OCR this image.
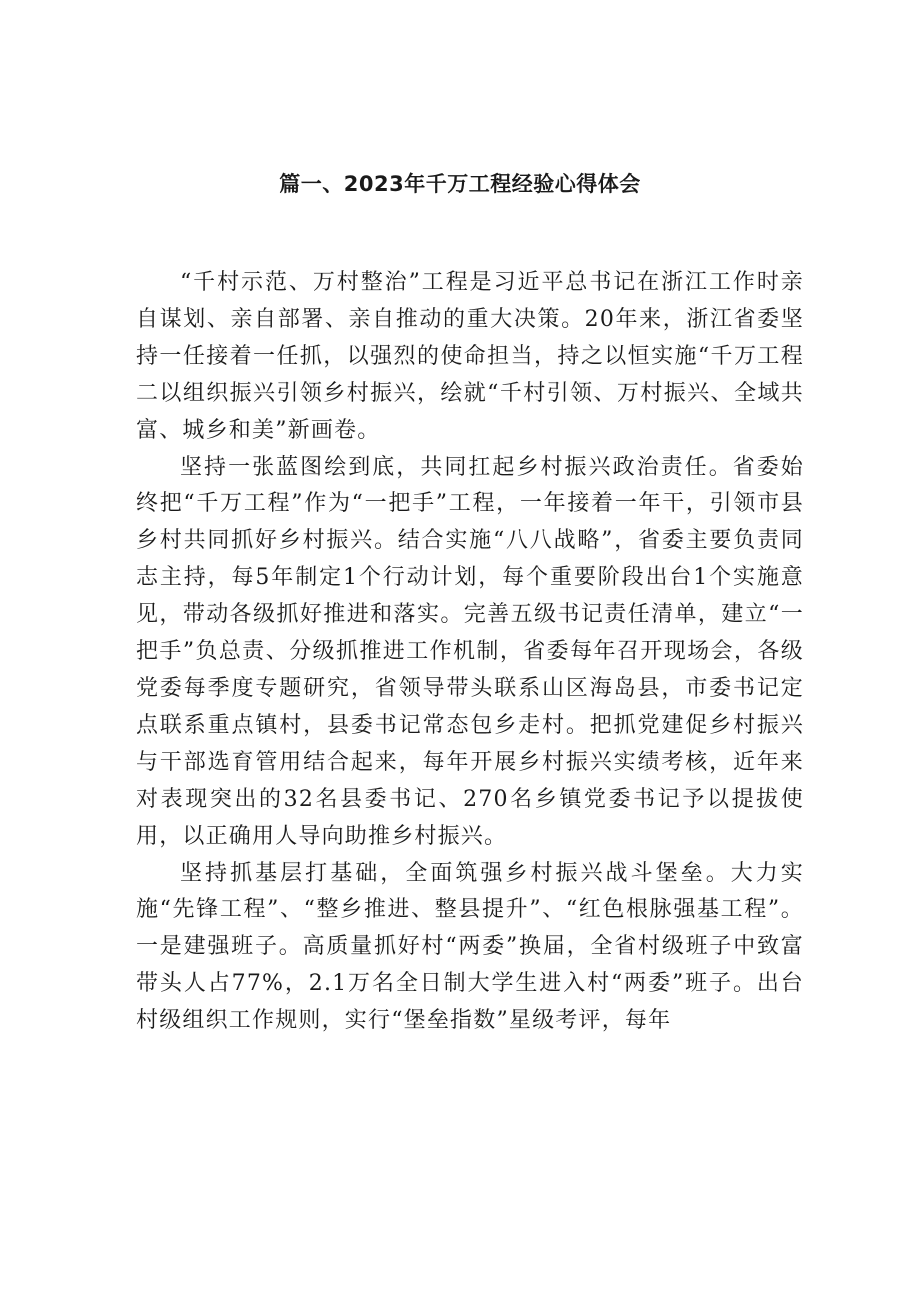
篇一、2023年千万工程经验心得体会

“千村示范、万村整治”工程是习近平总书记在浙江工作时亲自谋划、亲自部署、亲自推动的重大决策。20年来，浙江省委坚持一任接着一任抓，以强烈的使命担当，持之以恒实施“千万工程二以组织振兴引领乡村振兴，绘就“千村引领、万村振兴、全域共富、城乡和美”新画卷。

坚持一张蓝图绘到底，共同扛起乡村振兴政治责任。省委始终把“千万工程”作为“一把手”工程，一年接着一年干，引领市县乡村共同抓好乡村振兴。结合实施“八八战略”，省委主要负责同志主持，每5年制定1个行动计划，每个重要阶段出台1个实施意见，带动各级抓好推进和落实。完善五级书记责任清单，建立“一把手”负总责、分级抓推进工作机制，省委每年召开现场会，各级党委每季度专题研究，省领导带头联系山区海岛县，市委书记定点联系重点镇村，县委书记常态包乡走村。把抓党建促乡村振兴与干部选育管用结合起来，每年开展乡村振兴实绩考核，近年来对表现突出的32名县委书记、270名乡镇党委书记予以提拔使用，以正确用人导向助推乡村振兴。

坚持抓基层打基础，全面筑强乡村振兴战斗堡垒。大力实施“先锋工程”、“整乡推进、整县提升”、“红色根脉强基工程”。一是建强班子。高质量抓好村“两委”换届，全省村级班子中致富带头人占77%，2.1万名全日制大学生进入村“两委”班子。出台村级组织工作规则，实行“堡垒指数”星级考评，每年
